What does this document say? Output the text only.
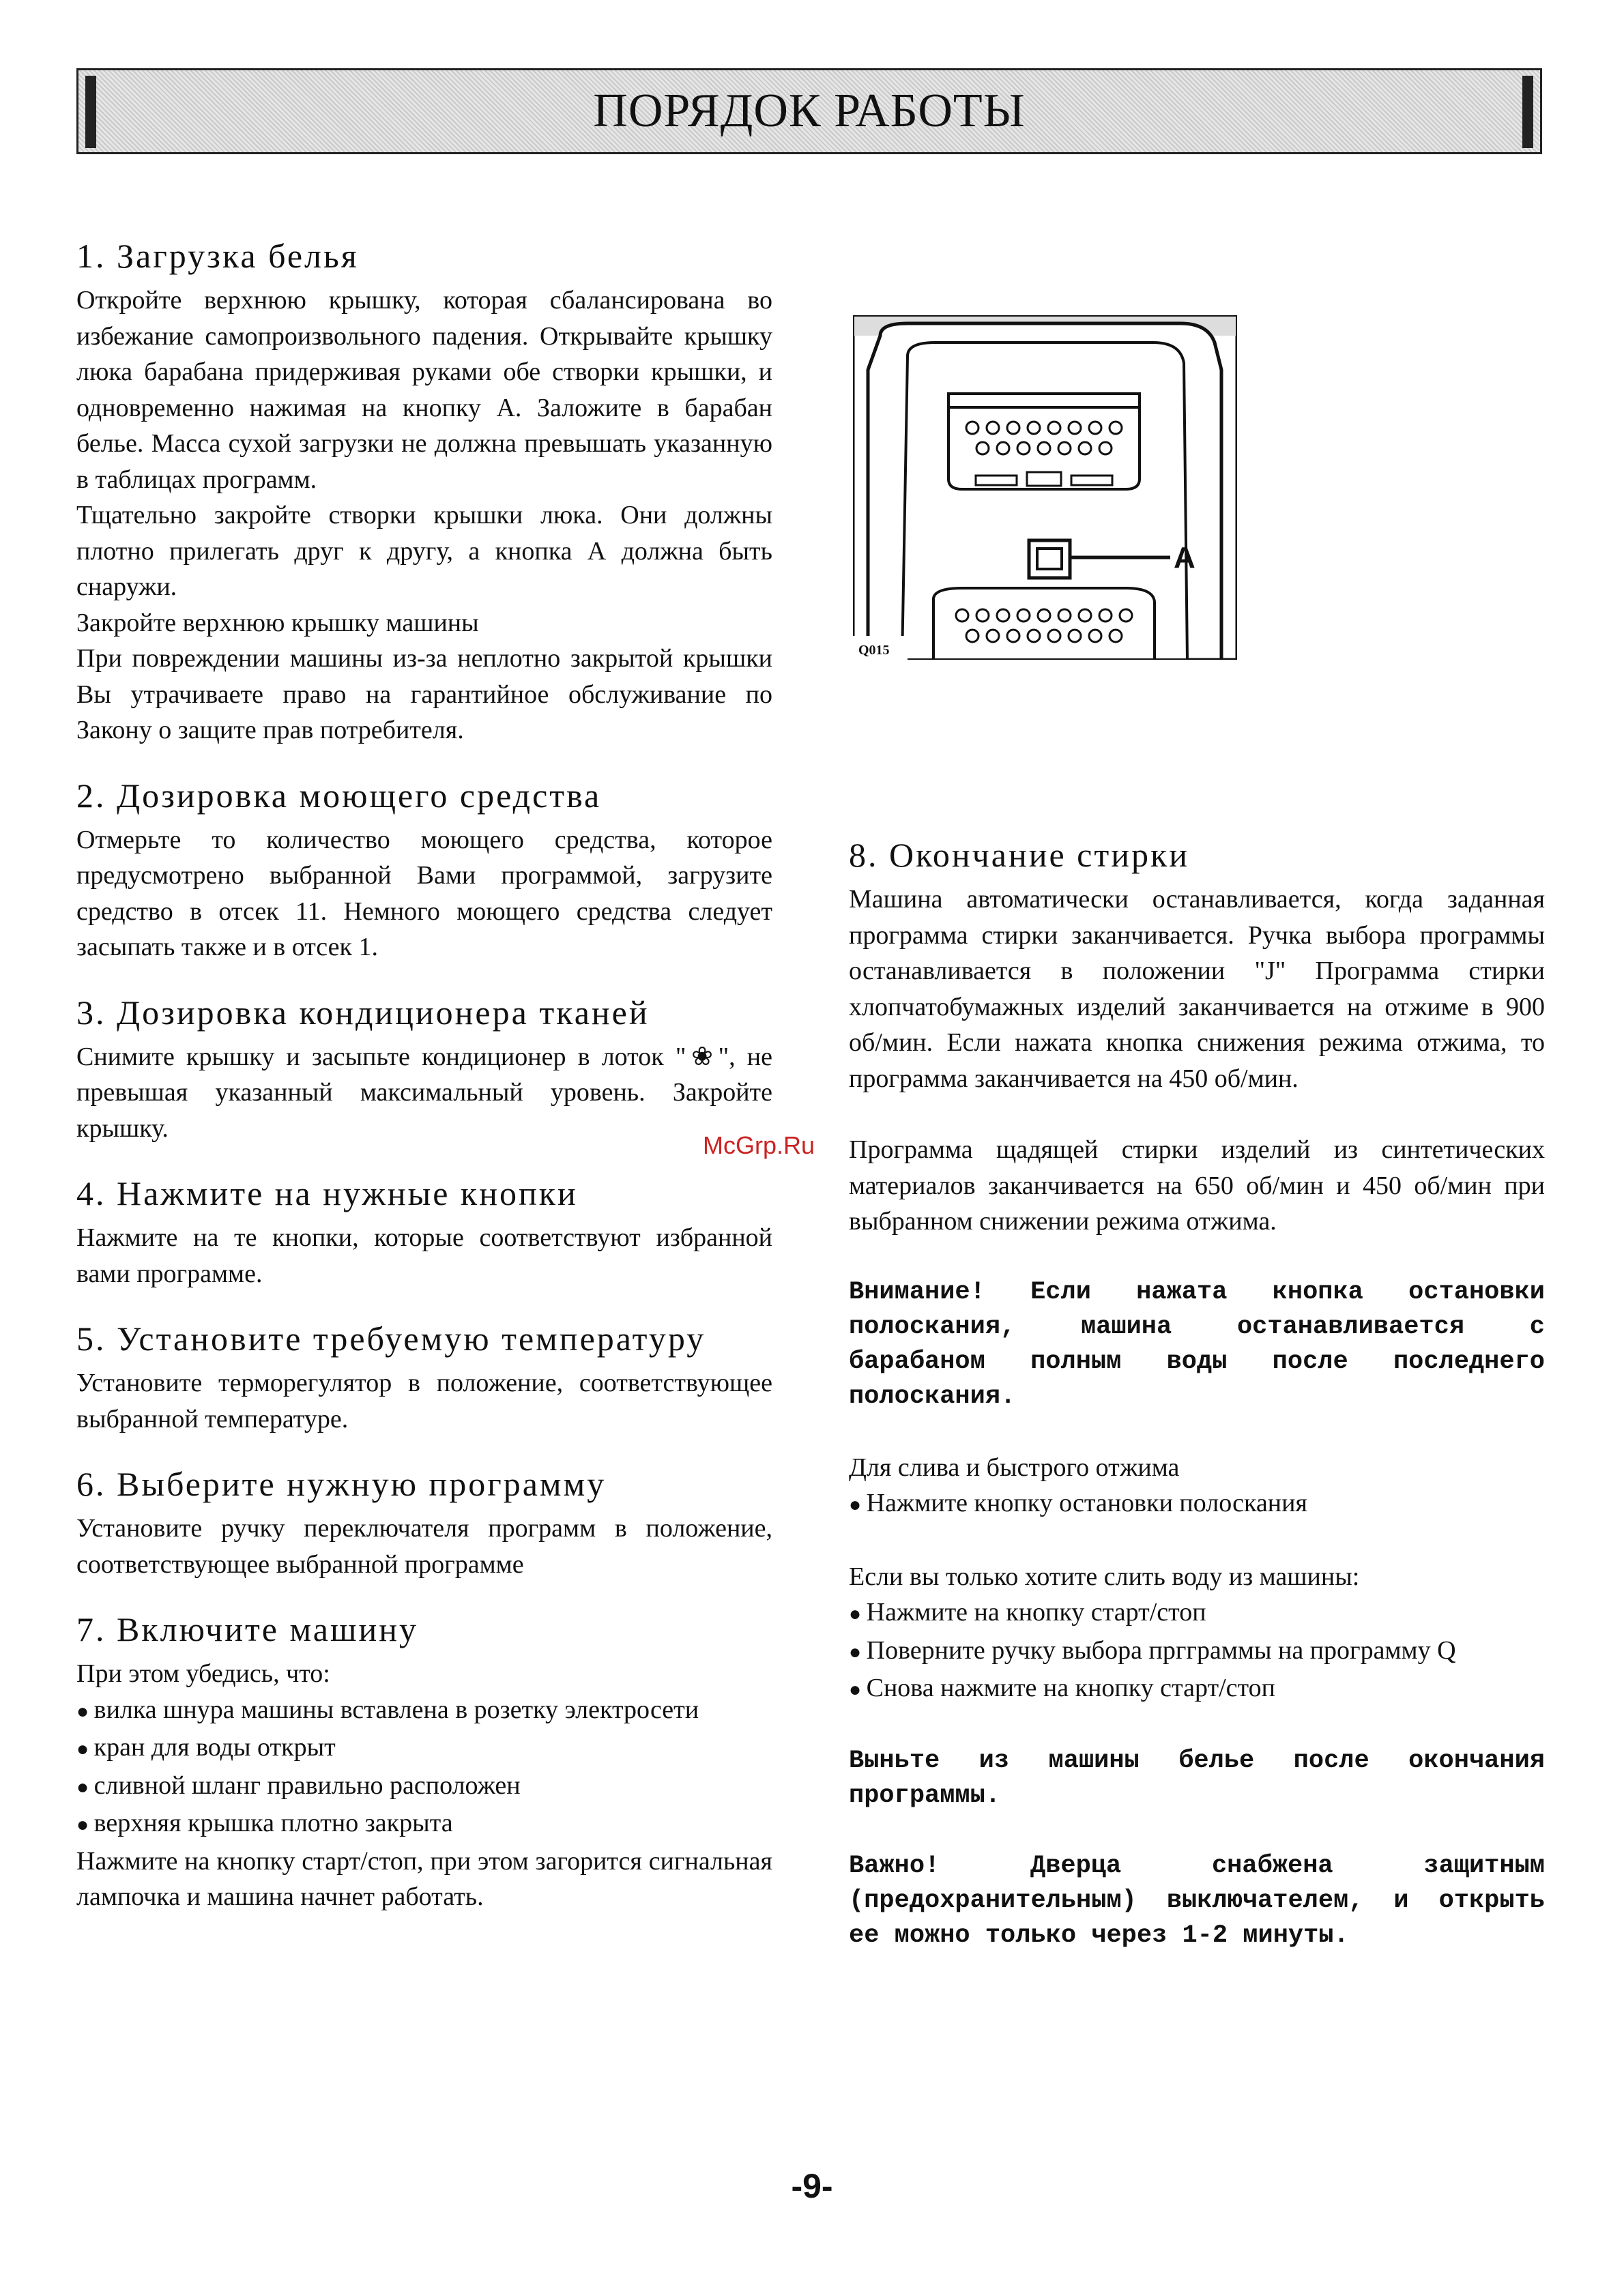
ПОРЯДОК РАБОТЫ
1. Загрузка белья

Откройте верхнюю крышку, которая сбалансирована во избежание самопроизвольного падения. Открывайте крышку люка барабана придерживая руками обе створки крышки, и одновременно нажимая на кнопку А. Заложите в барабан белье. Масса сухой загрузки не должна превышать указанную в таблицах программ.

Тщательно закройте створки крышки люка. Они должны плотно прилегать друг к другу, а кнопка А должна быть снаружи.

Закройте верхнюю крышку машины

При повреждении машины из-за неплотно закрытой крышки Вы утрачиваете право на гарантийное обслуживание по Закону о защите прав потребителя.

2. Дозировка моющего средства

Отмерьте то количество моющего средства, которое предусмотрено выбранной Вами программой, загрузите средство в отсек 11. Немного моющего средства следует засыпать также и в отсек 1.

3. Дозировка кондиционера тканей

Снимите крышку и засыпьте кондиционер в лоток "❀", не превышая указанный максимальный уровень. Закройте крышку.

4. Нажмите на нужные кнопки

Нажмите на те кнопки, которые соответствуют избранной вами программе.

5. Установите требуемую температуру

Установите терморегулятор в положение, соответствующее выбранной температуре.

6. Выберите нужную программу

Установите ручку переключателя программ в положение, соответствующее выбранной программе

7. Включите машину

При этом убедись, что:

● вилка шнура машины вставлена в розетку электросети

● кран для воды открыт

● сливной шланг правильно расположен

● верхняя крышка плотно закрыта

Нажмите на кнопку старт/стоп, при этом загорится сигнальная лампочка и машина начнет работать.

A
Q015
8. Окончание стирки

Машина автоматически останавливается, когда заданная программа стирки заканчивается. Ручка выбора программы останавливается в положении "J" Программа стирки хлопчатобумажных изделий заканчивается на отжиме в 900 об/мин. Если нажата кнопка снижения режима отжима, то программа заканчивается на 450 об/мин.

Программа щадящей стирки изделий из синтетических материалов заканчивается на 650 об/мин и 450 об/мин при выбранном снижении режима отжима.

Внимание! Если нажата кнопка остановки полоскания, машина останавливается с барабаном полным воды после последнего полоскания.

Для слива и быстрого отжима

● Нажмите кнопку остановки полоскания

Если вы только хотите слить воду из машины:

● Нажмите на кнопку старт/стоп

● Поверните ручку выбора пргграммы на программу Q

● Снова нажмите на кнопку старт/стоп

Выньте из машины белье после окончания программы.

Важно! Дверца снабжена защитным (предохранительным) выключателем, и открыть ее можно только через 1-2 минуты.

McGrp.Ru
-9-
